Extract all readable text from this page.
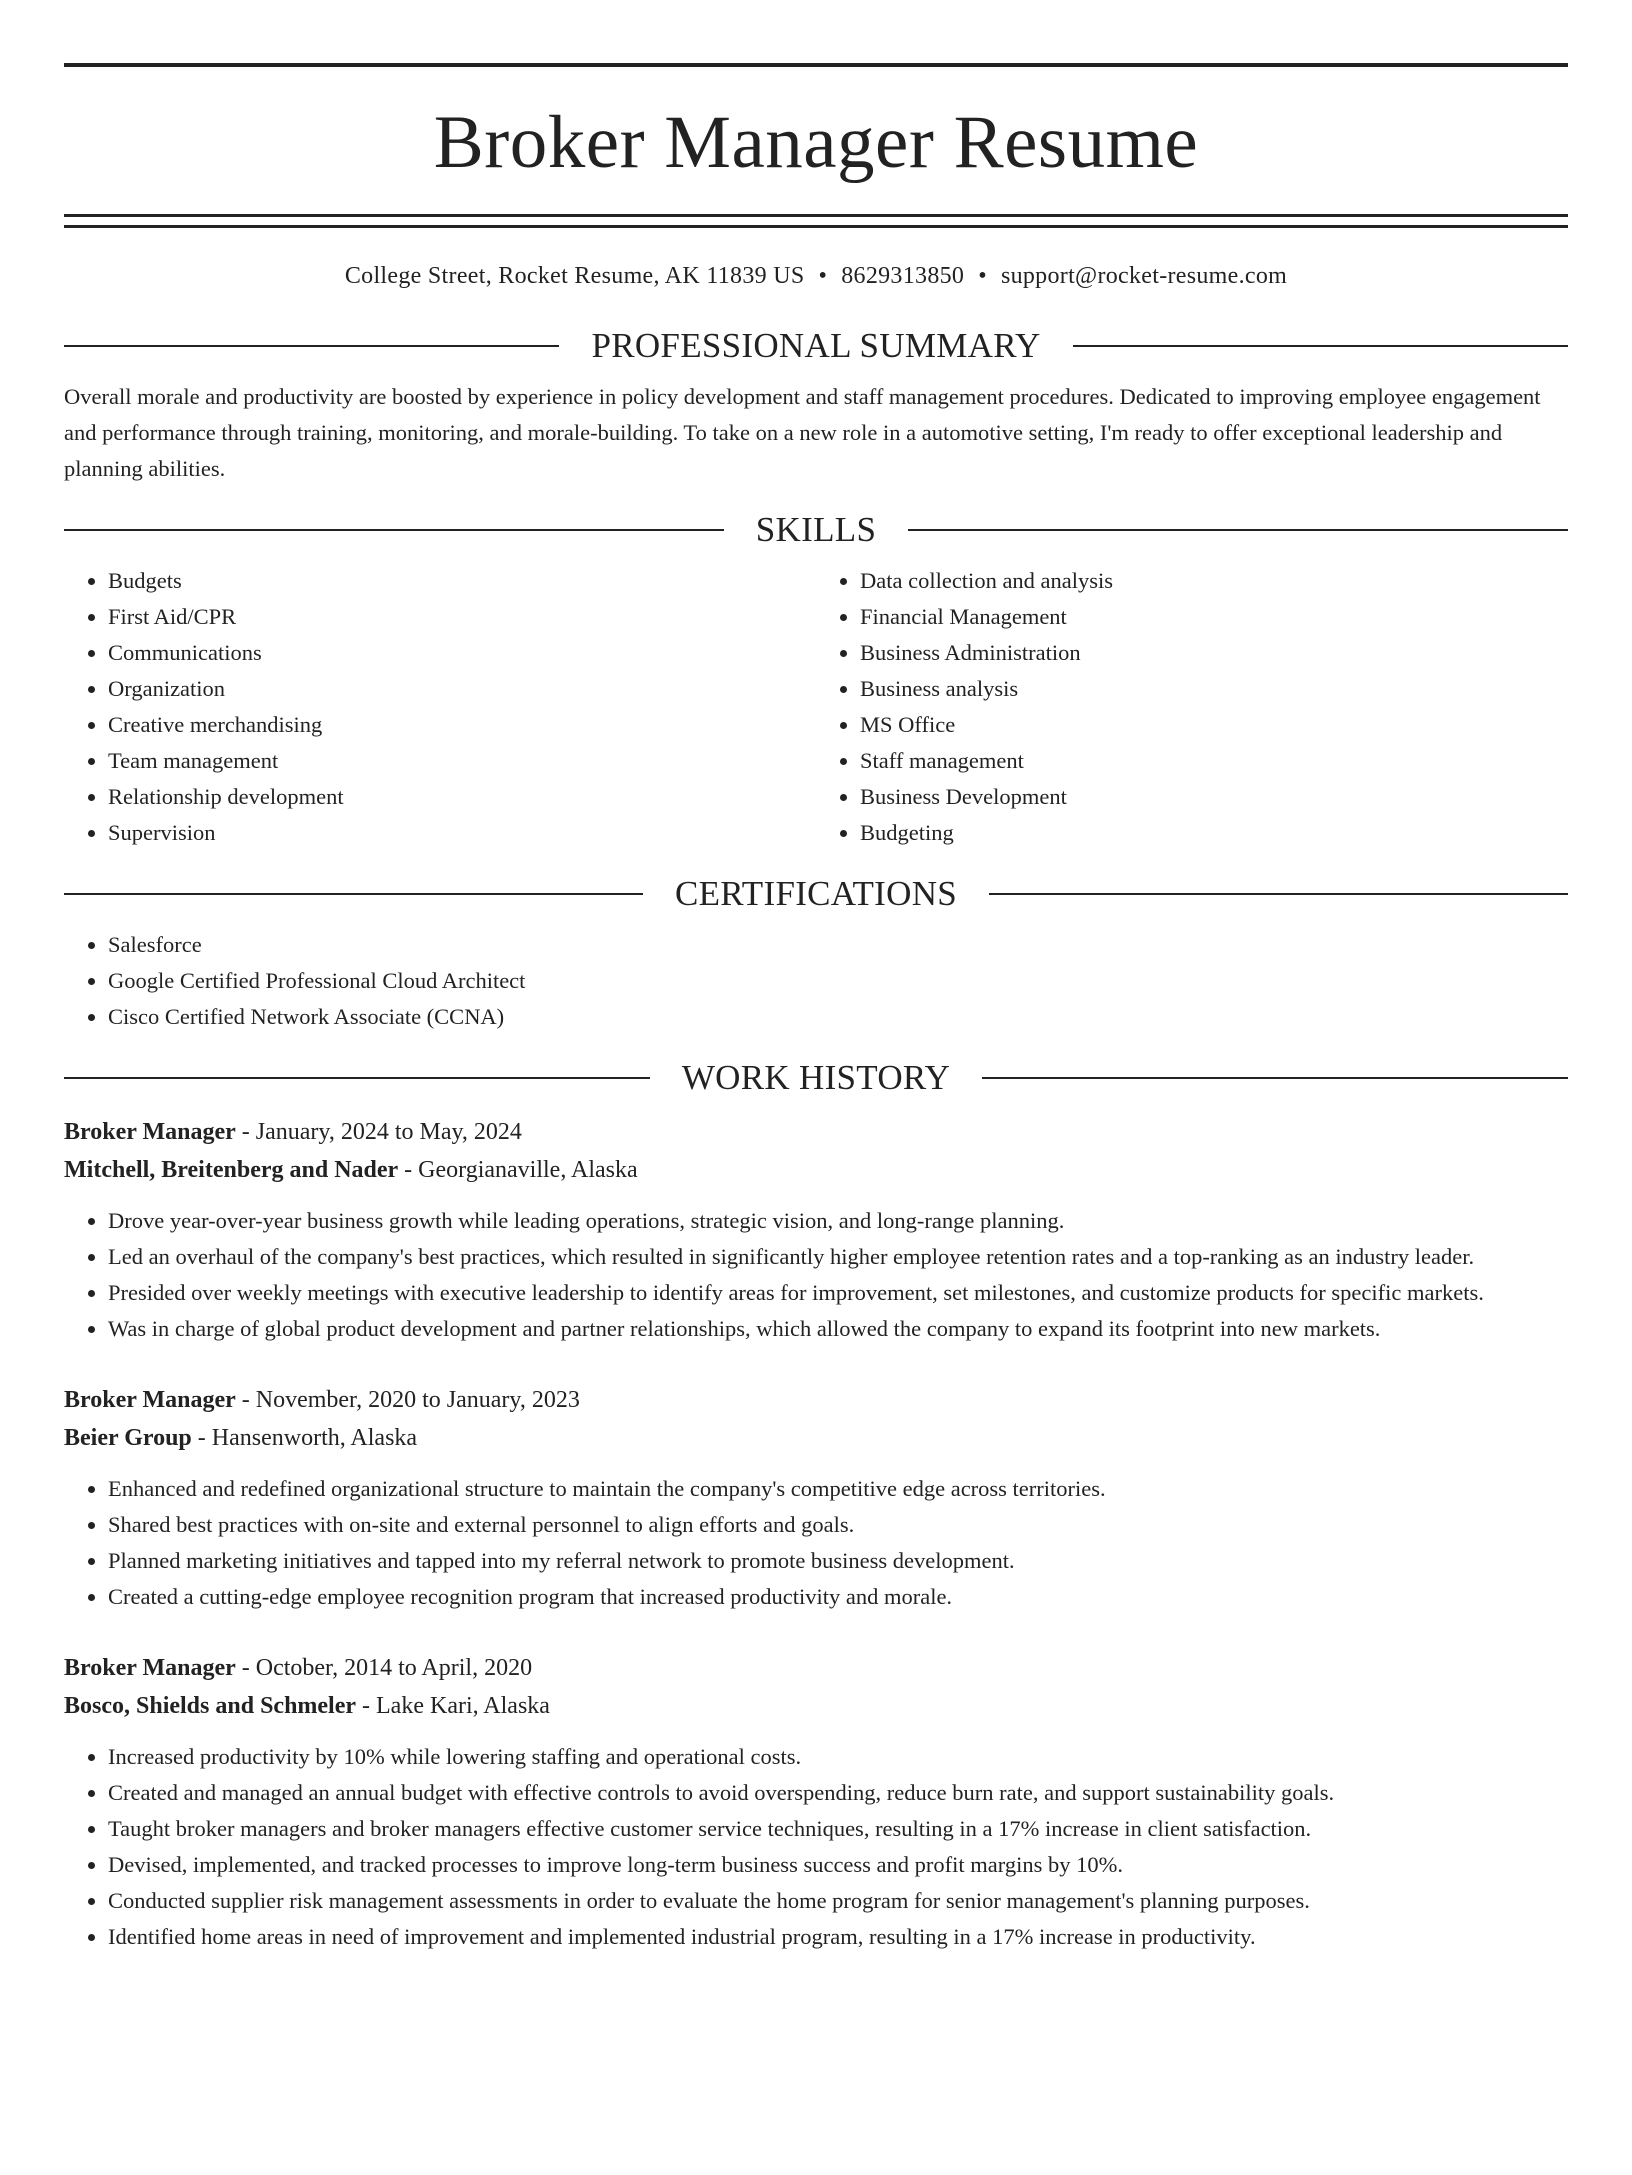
Broker Manager Resume
College Street, Rocket Resume, AK 11839 US • 8629313850 • support@rocket-resume.com
PROFESSIONAL SUMMARY

Overall morale and productivity are boosted by experience in policy development and staff management procedures. Dedicated to improving employee engagement and performance through training, monitoring, and morale-building. To take on a new role in a automotive setting, I'm ready to offer exceptional leadership and planning abilities.

SKILLS
• Budgets
• First Aid/CPR
• Communications
• Organization
• Creative merchandising
• Team management
• Relationship development
• Supervision
• Data collection and analysis
• Financial Management
• Business Administration
• Business analysis
• MS Office
• Staff management
• Business Development
• Budgeting
CERTIFICATIONS
• Salesforce
• Google Certified Professional Cloud Architect
• Cisco Certified Network Associate (CCNA)
WORK HISTORY
Broker Manager - January, 2024 to May, 2024
Mitchell, Breitenberg and Nader - Georgianaville, Alaska
• Drove year-over-year business growth while leading operations, strategic vision, and long-range planning.
• Led an overhaul of the company's best practices, which resulted in significantly higher employee retention rates and a top-ranking as an industry leader.
• Presided over weekly meetings with executive leadership to identify areas for improvement, set milestones, and customize products for specific markets.
• Was in charge of global product development and partner relationships, which allowed the company to expand its footprint into new markets.
Broker Manager - November, 2020 to January, 2023
Beier Group - Hansenworth, Alaska
• Enhanced and redefined organizational structure to maintain the company's competitive edge across territories.
• Shared best practices with on-site and external personnel to align efforts and goals.
• Planned marketing initiatives and tapped into my referral network to promote business development.
• Created a cutting-edge employee recognition program that increased productivity and morale.
Broker Manager - October, 2014 to April, 2020
Bosco, Shields and Schmeler - Lake Kari, Alaska
• Increased productivity by 10% while lowering staffing and operational costs.
• Created and managed an annual budget with effective controls to avoid overspending, reduce burn rate, and support sustainability goals.
• Taught broker managers and broker managers effective customer service techniques, resulting in a 17% increase in client satisfaction.
• Devised, implemented, and tracked processes to improve long-term business success and profit margins by 10%.
• Conducted supplier risk management assessments in order to evaluate the home program for senior management's planning purposes.
• Identified home areas in need of improvement and implemented industrial program, resulting in a 17% increase in productivity.
